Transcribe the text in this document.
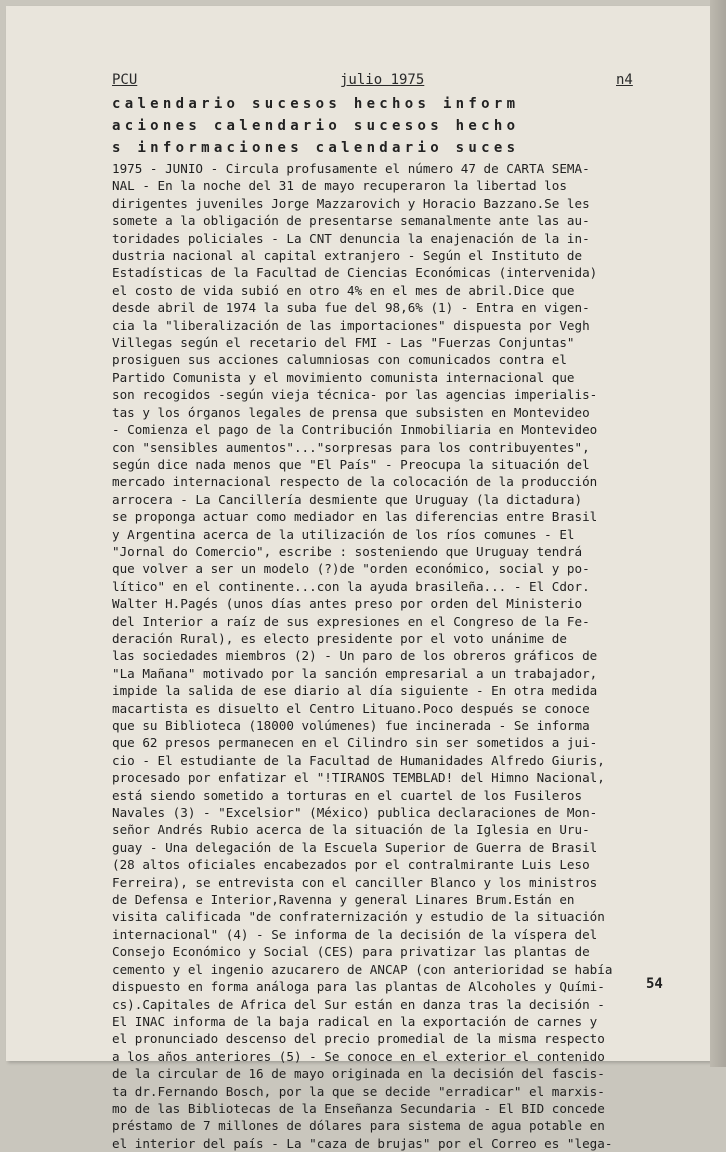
PCU	julio 1975	n4
calendario sucesos hechos inform
aciones calendario sucesos hecho
s informaciones calendario suces
1975 - JUNIO - Circula profusamente el número 47 de CARTA SEMA-
NAL - En la noche del 31 de mayo recuperaron la libertad los
dirigentes juveniles Jorge Mazzarovich y Horacio Bazzano.Se les
somete a la obligación de presentarse semanalmente ante las au-
toridades policiales - La CNT denuncia la enajenación de la in-
dustria nacional al capital extranjero - Según el Instituto de
Estadísticas de la Facultad de Ciencias Económicas (intervenida)
el costo de vida subió en otro 4% en el mes de abril.Dice que
desde abril de 1974 la suba fue del 98,6% (1) - Entra en vigen-
cia la "liberalización de las importaciones" dispuesta por Vegh
Villegas según el recetario del FMI - Las "Fuerzas Conjuntas"
prosiguen sus acciones calumniosas con comunicados contra el
Partido Comunista y el movimiento comunista internacional que
son recogidos -según vieja técnica- por las agencias imperialis-
tas y los órganos legales de prensa que subsisten en Montevideo
- Comienza el pago de la Contribución Inmobiliaria en Montevideo
con "sensibles aumentos"..."sorpresas para los contribuyentes",
según dice nada menos que "El País" - Preocupa la situación del
mercado internacional respecto de la colocación de la producción
arrocera - La Cancillería desmiente que Uruguay (la dictadura)
se proponga actuar como mediador en las diferencias entre Brasil
y Argentina acerca de la utilización de los ríos comunes - El
"Jornal do Comercio", escribe : sosteniendo que Uruguay tendrá
que volver a ser un modelo (?)de "orden económico, social y po-
lítico" en el continente...con la ayuda brasileña... - El Cdor.
Walter H.Pagés (unos días antes preso por orden del Ministerio
del Interior a raíz de sus expresiones en el Congreso de la Fe-
deración Rural), es electo presidente por el voto unánime de
las sociedades miembros (2) - Un paro de los obreros gráficos de
"La Mañana" motivado por la sanción empresarial a un trabajador,
impide la salida de ese diario al día siguiente - En otra medida
macartista es disuelto el Centro Lituano.Poco después se conoce
que su Biblioteca (18000 volúmenes) fue incinerada - Se informa
que 62 presos permanecen en el Cilindro sin ser sometidos a jui-
cio - El estudiante de la Facultad de Humanidades Alfredo Giuris,
procesado por enfatizar el "!TIRANOS TEMBLAD! del Himno Nacional,
está siendo sometido a torturas en el cuartel de los Fusileros
Navales (3) - "Excelsior" (México) publica declaraciones de Mon-
señor Andrés Rubio acerca de la situación de la Iglesia en Uru-
guay - Una delegación de la Escuela Superior de Guerra de Brasil
(28 altos oficiales encabezados por el contralmirante Luis Leso
Ferreira), se entrevista con el canciller Blanco y los ministros
de Defensa e Interior,Ravenna y general Linares Brum.Están en
visita calificada "de confraternización y estudio de la situación
internacional" (4) - Se informa de la decisión de la víspera del
Consejo Económico y Social (CES) para privatizar las plantas de
cemento y el ingenio azucarero de ANCAP (con anterioridad se había
dispuesto en forma análoga para las plantas de Alcoholes y Quími-
cs).Capitales de Africa del Sur están en danza tras la decisión -
El INAC informa de la baja radical en la exportación de carnes y
el pronunciado descenso del precio promedial de la misma respecto
a los años anteriores (5) - Se conoce en el exterior el contenido
de la circular de 16 de mayo originada en la decisión del fascis-
ta dr.Fernando Bosch, por la que se decide "erradicar" el marxis-
mo de las Bibliotecas de la Enseñanza Secundaria - El BID concede
préstamo de 7 millones de dólares para sistema de agua potable en
el interior del país - La "caza de brujas" por el Correo es "lega-
54
